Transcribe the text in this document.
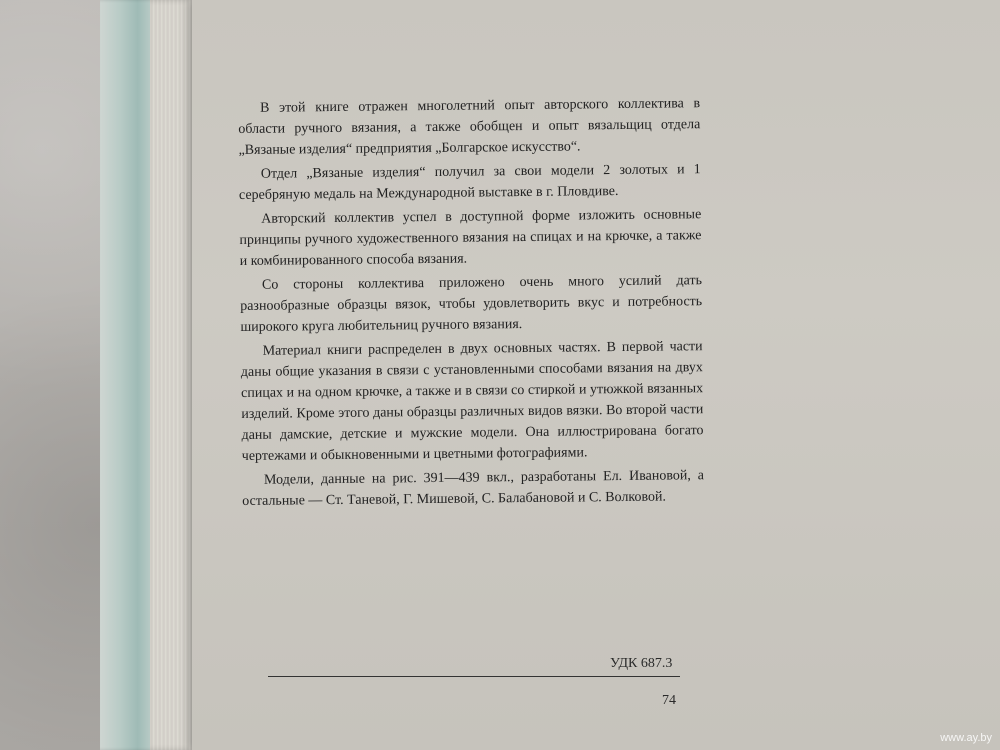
В этой книге отражен многолетний опыт авторского коллектива в области ручного вязания, а также обобщен и опыт вязальщиц отдела „Вязаные изделия“ предприятия „Болгарское искусство“.

Отдел „Вязаные изделия“ получил за свои модели 2 золотых и 1 серебряную медаль на Международной выставке в г. Пловдиве.

Авторский коллектив успел в доступной форме изложить основные принципы ручного художественного вязания на спицах и на крючке, а также и комбинированного способа вязания.

Со стороны коллектива приложено очень много усилий дать разнообразные образцы вязок, чтобы удовлетворить вкус и потребность широкого круга любительниц ручного вязания.

Материал книги распределен в двух основных частях. В первой части даны общие указания в связи с установленными способами вязания на двух спицах и на одном крючке, а также и в связи со стиркой и утюжкой вязанных изделий. Кроме этого даны образцы различных видов вязки. Во второй части даны дамские, детские и мужские модели. Она иллюстрирована богато чертежами и обыкновенными и цветными фотографиями.

Модели, данные на рис. 391—439 вкл., разработаны Ел. Ивановой, а остальные — Ст. Таневой, Г. Мишевой, С. Балабановой и С. Волковой.

УДК 687.3
74
www.ay.by
